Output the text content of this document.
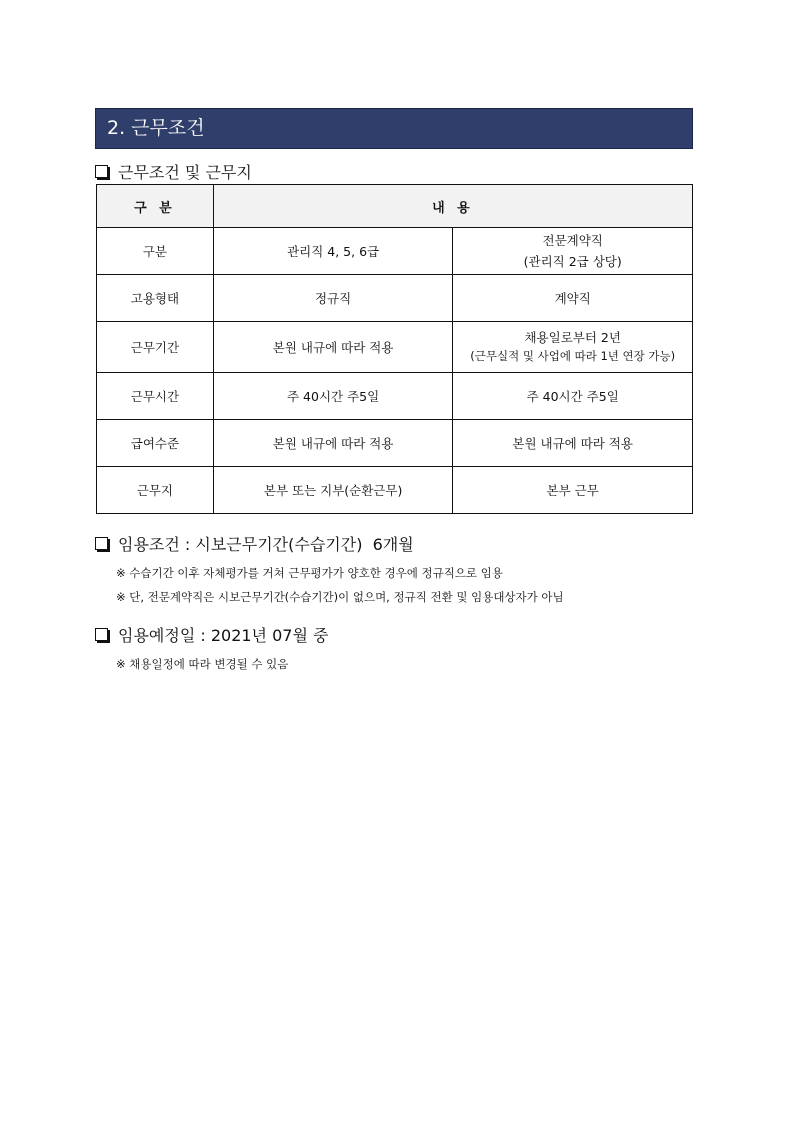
2. 근무조건
근무조건 및 근무지
구 분	내 용	
구분	관리직 4, 5, 6급	전문계약직
(관리직 2급 상당)

고용형태	정규직	계약직
근무기간	본원 내규에 따라 적용	채용일로부터 2년
(근무실적 및 사업에 따라 1년 연장 가능)

근무시간	주 40시간 주5일	주 40시간 주5일
급여수준	본원 내규에 따라 적용	본원 내규에 따라 적용
근무지	본부 또는 지부(순환근무)	본부 근무
임용조건 : 시보근무기간(수습기간)  6개월
※ 수습기간 이후 자체평가를 거쳐 근무평가가 양호한 경우에 정규직으로 임용
※ 단, 전문계약직은 시보근무기간(수습기간)이 없으며, 정규직 전환 및 임용대상자가 아님
임용예정일 : 2021년 07월 중
※ 채용일정에 따라 변경될 수 있음
